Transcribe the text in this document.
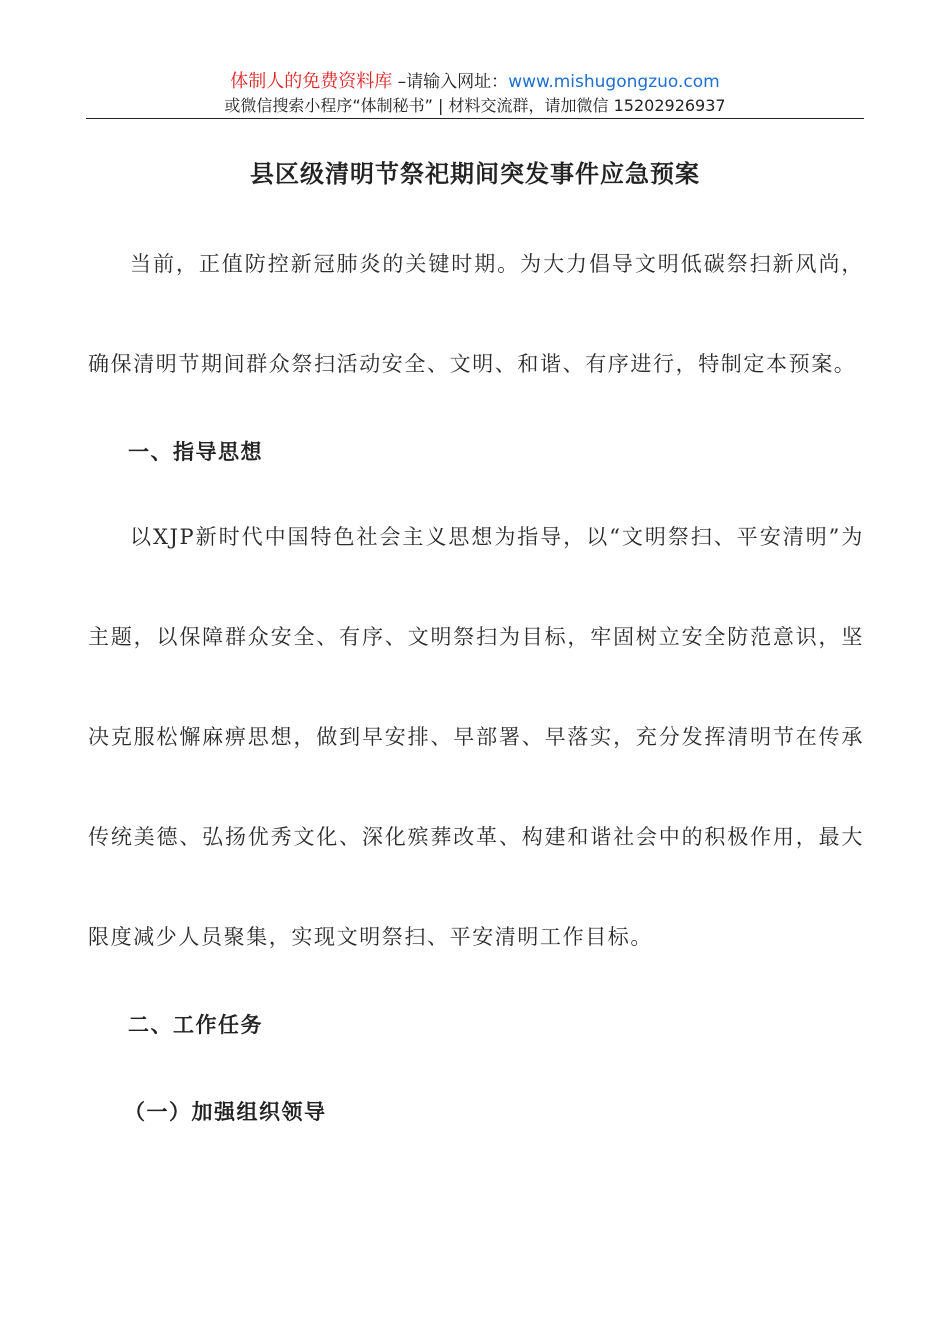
体制人的免费资料库 –请输入网址：www.mishugongzuo.com
或微信搜索小程序“体制秘书” | 材料交流群，请加微信 15202926937
县区级清明节祭祀期间突发事件应急预案
当前，正值防控新冠肺炎的关键时期。为大力倡导文明低碳祭扫新风尚，确保清明节期间群众祭扫活动安全、文明、和谐、有序进行，特制定本预案。
一、指导思想
以XJP新时代中国特色社会主义思想为指导，以“文明祭扫、平安清明”为主题，以保障群众安全、有序、文明祭扫为目标，牢固树立安全防范意识，坚决克服松懈麻痹思想，做到早安排、早部署、早落实，充分发挥清明节在传承传统美德、弘扬优秀文化、深化殡葬改革、构建和谐社会中的积极作用，最大限度减少人员聚集，实现文明祭扫、平安清明工作目标。
二、工作任务
（一）加强组织领导
